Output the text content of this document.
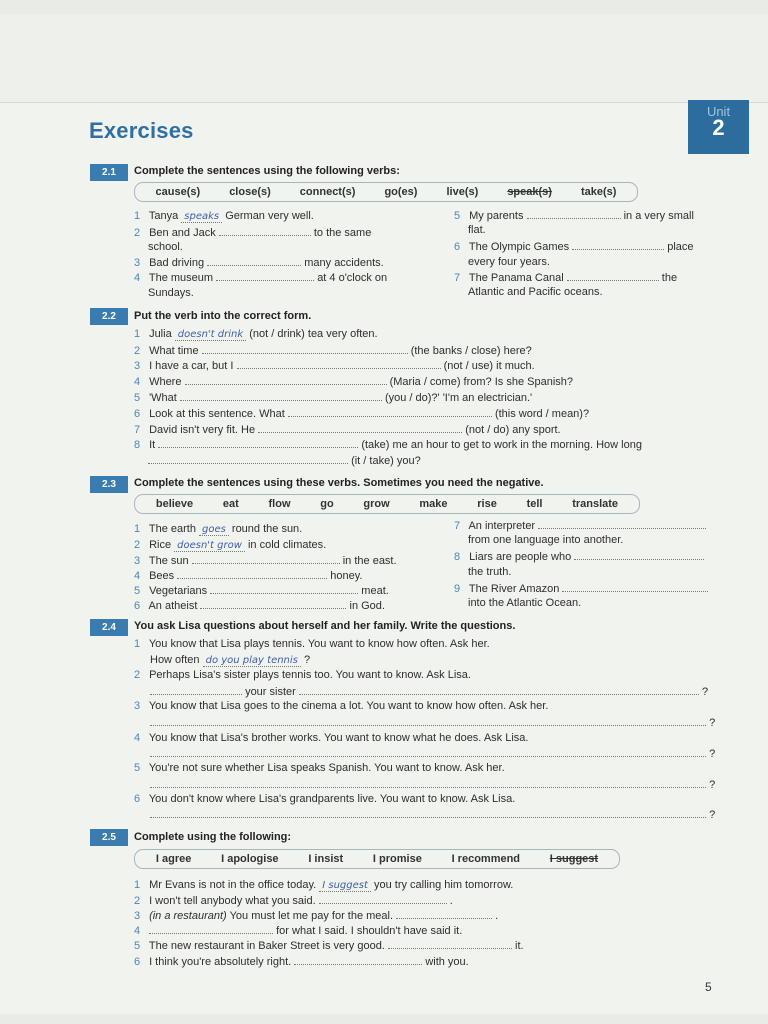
Exercises
Unit
2
2.1	Complete the sentences using the following verbs:
cause(s)	close(s)	connect(s)	go(es)	live(s)	speak(s)	take(s)
1 Tanya speaks German very well.
2 Ben and Jack	to the same
school.
3 Bad driving	many accidents.
4 The museum	at 4 o'clock on
Sundays.
5 My parents	in a very small
flat.
6 The Olympic Games	place
every four years.
7 The Panama Canal	the
Atlantic and Pacific oceans.
2.2	Put the verb into the correct form.
1 Julia doesn't drink (not / drink) tea very often.
2 What time	(the banks / close) here?
3 I have a car, but I	(not / use) it much.
4 Where	(Maria / come) from? Is she Spanish?
5 'What	(you / do)?' 'I'm an electrician.'
6 Look at this sentence. What	(this word / mean)?
7 David isn't very fit. He	(not / do) any sport.
8 It	(take) me an hour to get to work in the morning. How long
(it / take) you?
2.3	Complete the sentences using these verbs. Sometimes you need the negative.
believe	eat	flow	go	grow	make	rise	tell	translate
1 The earth goes round the sun.
2 Rice doesn't grow in cold climates.
3 The sun	in the east.
4 Bees	honey.
5 Vegetarians	meat.
6 An atheist	in God.
7 An interpreter
from one language into another.
8 Liars are people who
the truth.
9 The River Amazon
into the Atlantic Ocean.
2.4	You ask Lisa questions about herself and her family. Write the questions.
1 You know that Lisa plays tennis. You want to know how often. Ask her.
How often do you play tennis ?
2 Perhaps Lisa's sister plays tennis too. You want to know. Ask Lisa.
your sister	?
3 You know that Lisa goes to the cinema a lot. You want to know how often. Ask her.
?
4 You know that Lisa's brother works. You want to know what he does. Ask Lisa.
?
5 You're not sure whether Lisa speaks Spanish. You want to know. Ask her.
?
6 You don't know where Lisa's grandparents live. You want to know. Ask Lisa.
?
2.5	Complete using the following:
I agree	I apologise	I insist	I promise	I recommend	I suggest
1 Mr Evans is not in the office today. I suggest you try calling him tomorrow.
2 I won't tell anybody what you said.	.
3 (in a restaurant) You must let me pay for the meal.	.
4	for what I said. I shouldn't have said it.
5 The new restaurant in Baker Street is very good.	it.
6 I think you're absolutely right.	with you.
5
